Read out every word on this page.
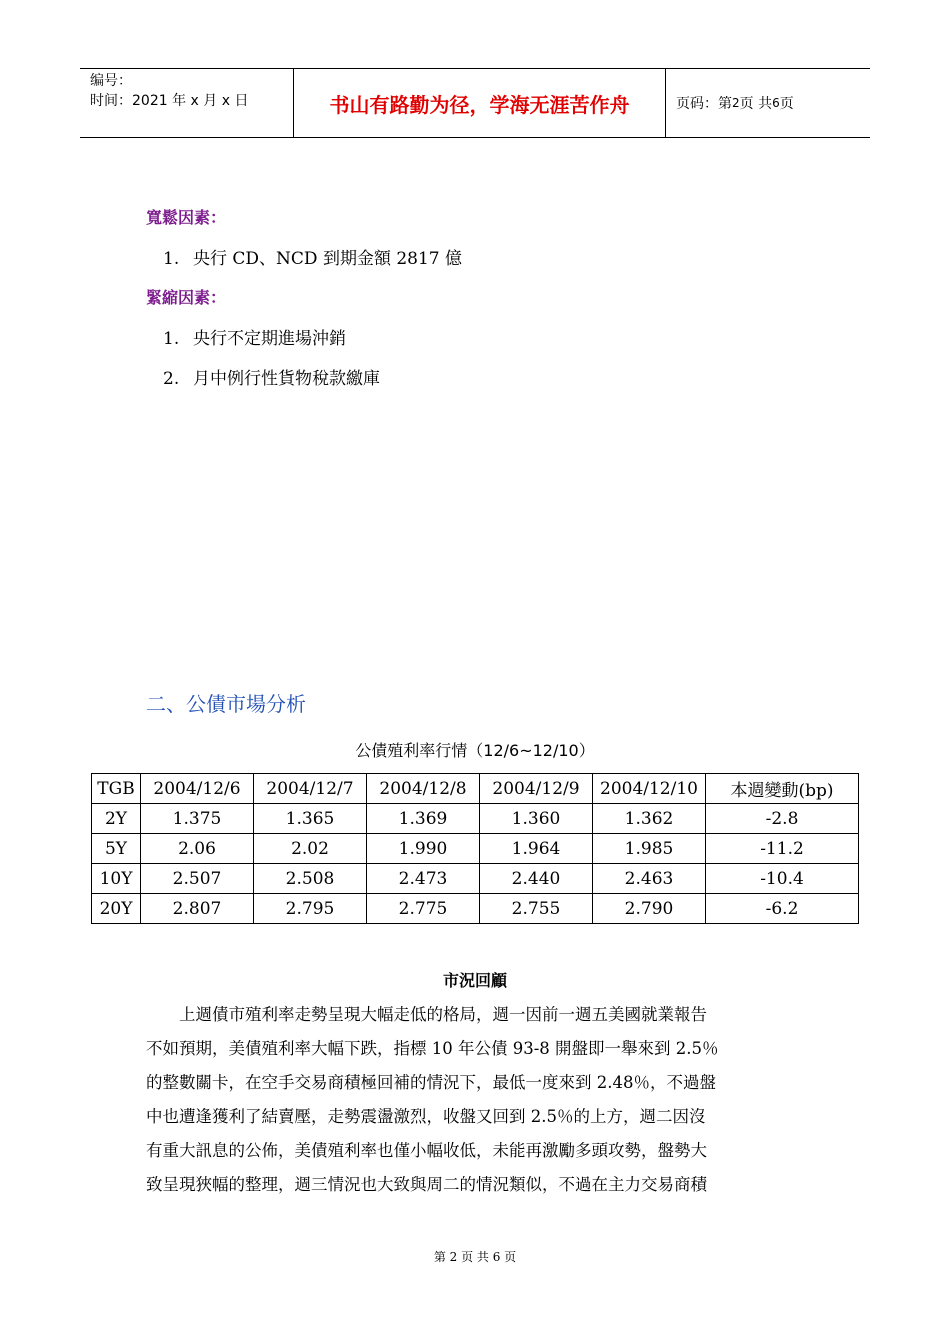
编号：
时间：2021 年 x 月 x 日	书山有路勤为径，学海无涯苦作舟	页码：第 2 页 共 6 页
寬鬆因素：
1. 央行 CD、NCD 到期金額 2817 億
緊縮因素：
1. 央行不定期進場沖銷
2. 月中例行性貨物稅款繳庫
二、公債市場分析
公債殖利率行情（12/6~12/10）
TGB	2004/12/6	2004/12/7	2004/12/8	2004/12/9	2004/12/10	本週變動(bp)
2Y	1.375	1.365	1.369	1.360	1.362	-2.8
5Y	2.06	2.02	1.990	1.964	1.985	-11.2
10Y	2.507	2.508	2.473	2.440	2.463	-10.4
20Y	2.807	2.795	2.775	2.755	2.790	-6.2
市況回顧

　　上週債市殖利率走勢呈現大幅走低的格局，週一因前一週五美國就業報告

不如預期，美債殖利率大幅下跌，指標 10 年公債 93-8 開盤即一舉來到 2.5％

的整數關卡，在空手交易商積極回補的情況下，最低一度來到 2.48％，不過盤

中也遭逢獲利了結賣壓，走勢震盪激烈，收盤又回到 2.5％的上方，週二因沒

有重大訊息的公佈，美債殖利率也僅小幅收低，未能再激勵多頭攻勢，盤勢大

致呈現狹幅的整理，週三情況也大致與周二的情況類似，不過在主力交易商積

第 2 页 共 6 页
